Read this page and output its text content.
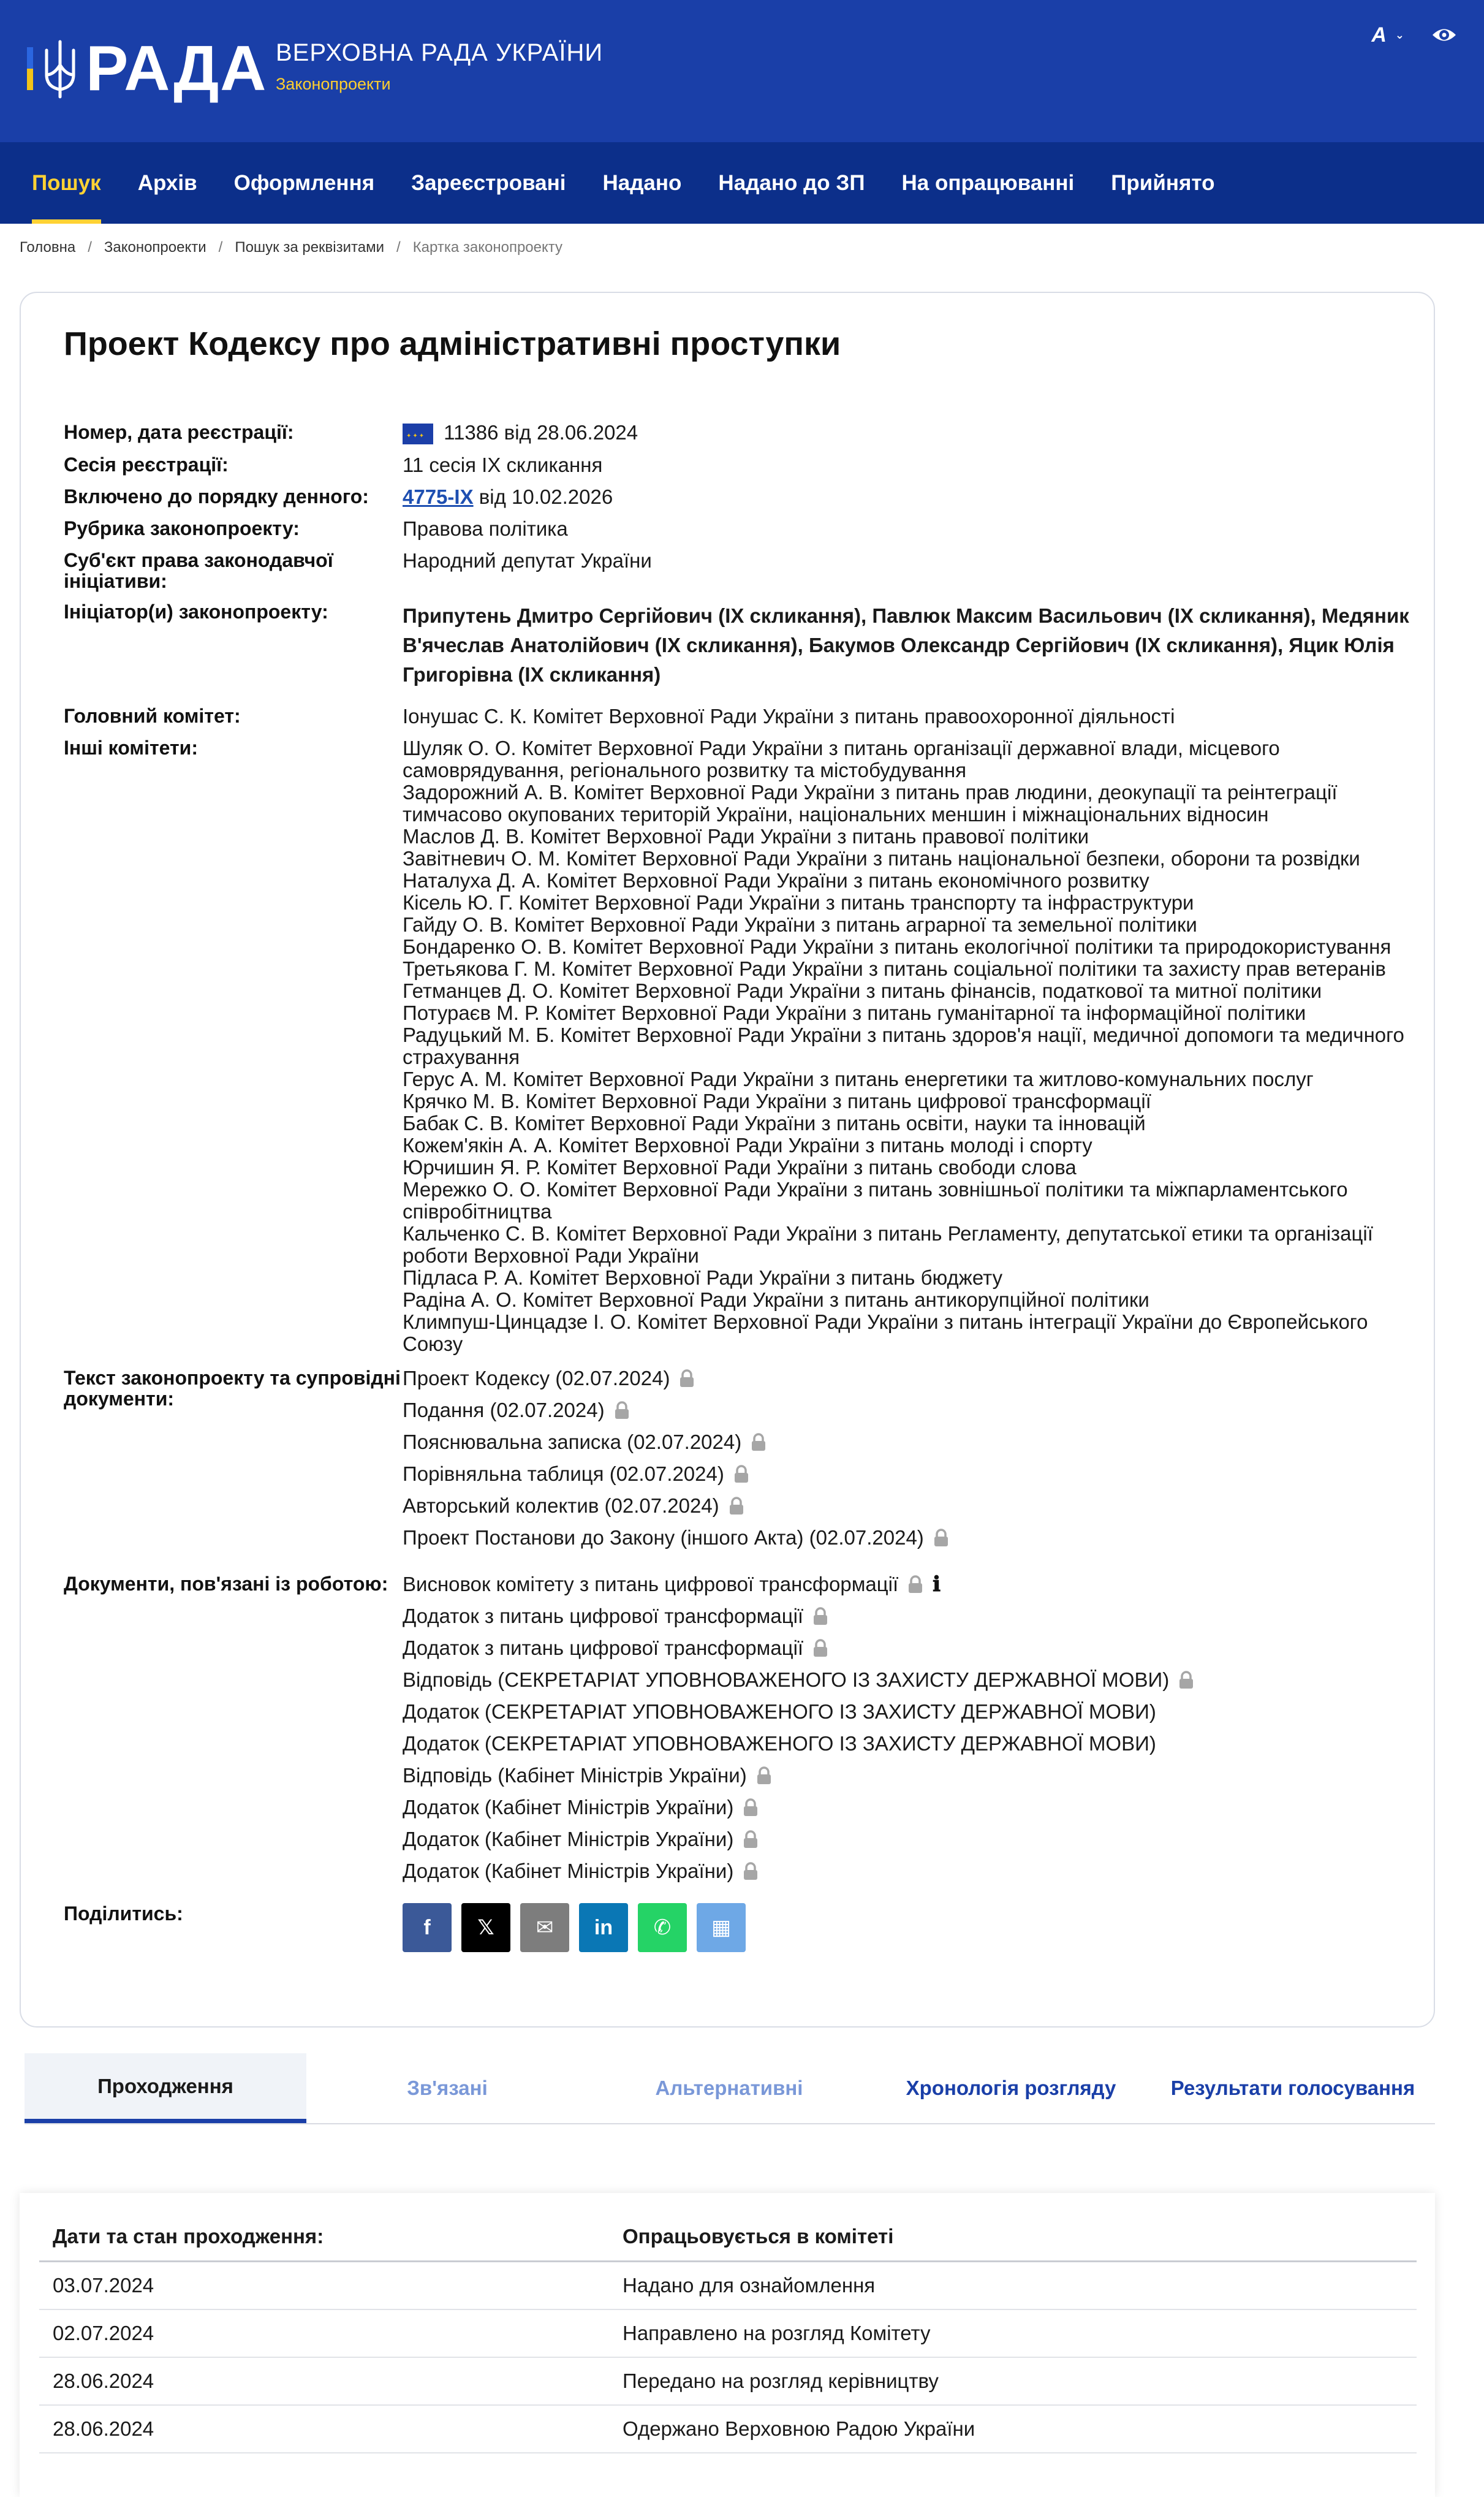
РАДА ВЕРХОВНА РАДА УКРАЇНИ
Законопроекти
A ⌄
Пошук	Архів	Оформлення	Зареєстровані	Надано	Надано до ЗП	На опрацюванні	Прийнято
Головна / Законопроекти / Пошук за реквізитами / Картка законопроекту
Проект Кодексу про адміністративні проступки
Номер, дата реєстрації:
✦✦✦	11386 від 28.06.2024
Сесія реєстрації:	11 сесія IX скликання
Включено до порядку денного:	4775-IX від 10.02.2026
Рубрика законопроекту:	Правова політика
Суб'єкт права законодавчої ініціативи:
Народний депутат України
Ініціатор(и) законопроекту:	Припутень Дмитро Сергійович (IX скликання), Павлюк Максим Васильович (IX скликання), Медяник В'ячеслав Анатолійович (IX скликання), Бакумов Олександр Сергійович (IX скликання), Яцик Юлія Григорівна (IX скликання)
Головний комітет:	Іонушас С. К. Комітет Верховної Ради України з питань правоохоронної діяльності
Інші комітети:	Шуляк О. О. Комітет Верховної Ради України з питань організації державної влади, місцевого самоврядування, регіонального розвитку та містобудування
Задорожний А. В. Комітет Верховної Ради України з питань прав людини, деокупації та реінтеграції тимчасово окупованих територій України, національних меншин і міжнаціональних відносин
Маслов Д. В. Комітет Верховної Ради України з питань правової політики
Завітневич О. М. Комітет Верховної Ради України з питань національної безпеки, оборони та розвідки
Наталуха Д. А. Комітет Верховної Ради України з питань економічного розвитку
Кісель Ю. Г. Комітет Верховної Ради України з питань транспорту та інфраструктури
Гайду О. В. Комітет Верховної Ради України з питань аграрної та земельної політики
Бондаренко О. В. Комітет Верховної Ради України з питань екологічної політики та природокористування
Третьякова Г. М. Комітет Верховної Ради України з питань соціальної політики та захисту прав ветеранів
Гетманцев Д. О. Комітет Верховної Ради України з питань фінансів, податкової та митної політики
Потураєв М. Р. Комітет Верховної Ради України з питань гуманітарної та інформаційної політики
Радуцький М. Б. Комітет Верховної Ради України з питань здоров'я нації, медичної допомоги та медичного страхування
Герус А. М. Комітет Верховної Ради України з питань енергетики та житлово-комунальних послуг
Крячко М. В. Комітет Верховної Ради України з питань цифрової трансформації
Бабак С. В. Комітет Верховної Ради України з питань освіти, науки та інновацій
Кожем'якін А. А. Комітет Верховної Ради України з питань молоді і спорту
Юрчишин Я. Р. Комітет Верховної Ради України з питань свободи слова
Мережко О. О. Комітет Верховної Ради України з питань зовнішньої політики та міжпарламентського співробітництва
Кальченко С. В. Комітет Верховної Ради України з питань Регламенту, депутатської етики та організації роботи Верховної Ради України
Підласа Р. А. Комітет Верховної Ради України з питань бюджету
Радіна А. О. Комітет Верховної Ради України з питань антикорупційної політики
Климпуш-Цинцадзе І. О. Комітет Верховної Ради України з питань інтеграції України до Європейського Союзу
Текст законопроекту та супровідні документи:
Проект Кодексу (02.07.2024)
Подання (02.07.2024)
Пояснювальна записка (02.07.2024)
Порівняльна таблиця (02.07.2024)
Авторський колектив (02.07.2024)
Проект Постанови до Закону (іншого Акта) (02.07.2024)
Документи, пов'язані із роботою: Висновок комітету з питань цифрової трансформації ℹ
Додаток з питань цифрової трансформації
Додаток з питань цифрової трансформації
Відповідь (СЕКРЕТАРІАТ УПОВНОВАЖЕНОГО ІЗ ЗАХИСТУ ДЕРЖАВНОЇ МОВИ)
Додаток (СЕКРЕТАРІАТ УПОВНОВАЖЕНОГО ІЗ ЗАХИСТУ ДЕРЖАВНОЇ МОВИ)
Додаток (СЕКРЕТАРІАТ УПОВНОВАЖЕНОГО ІЗ ЗАХИСТУ ДЕРЖАВНОЇ МОВИ)
Відповідь (Кабінет Міністрів України)
Додаток (Кабінет Міністрів України)
Додаток (Кабінет Міністрів України)
Додаток (Кабінет Міністрів України)
Поділитись:
f	𝕏	✉	in	✆	▦
Проходження	Зв'язані	Альтернативні	Хронологія розгляду	Результати голосування
Дати та стан проходження:	Опрацьовується в комітеті
03.07.2024	Надано для ознайомлення
02.07.2024	Направлено на розгляд Комітету
28.06.2024	Передано на розгляд керівництву
28.06.2024	Одержано Верховною Радою України
